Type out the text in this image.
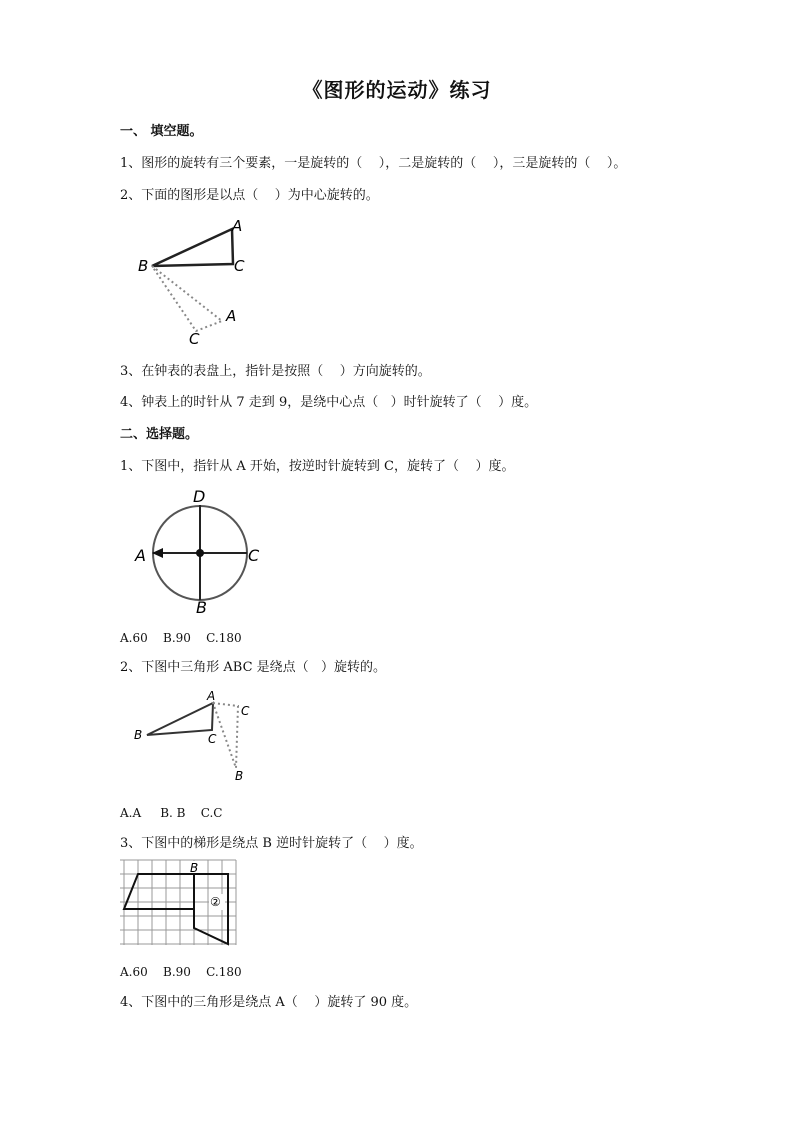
《图形的运动》练习
一、 填空题。
1、图形的旋转有三个要素，一是旋转的（    ），二是旋转的（    ），三是旋转的（    ）。
2、下面的图形是以点（    ）为中心旋转的。
A
B	C
A
C
3、在钟表的表盘上，指针是按照（    ）方向旋转的。
4、钟表上的时针从 7 走到 9，是绕中心点（   ）时针旋转了（    ）度。
二、选择题。
1、下图中，指针从 A 开始，按逆时针旋转到 C，旋转了（    ）度。
D
A	C
B
A.60    B.90    C.180
2、下图中三角形 ABC 是绕点（   ）旋转的。
A
C
B	C
B
A.A     B. B    C.C
3、下图中的梯形是绕点 B 逆时针旋转了（    ）度。
B
②
A.60    B.90    C.180
4、下图中的三角形是绕点 A（    ）旋转了 90 度。
